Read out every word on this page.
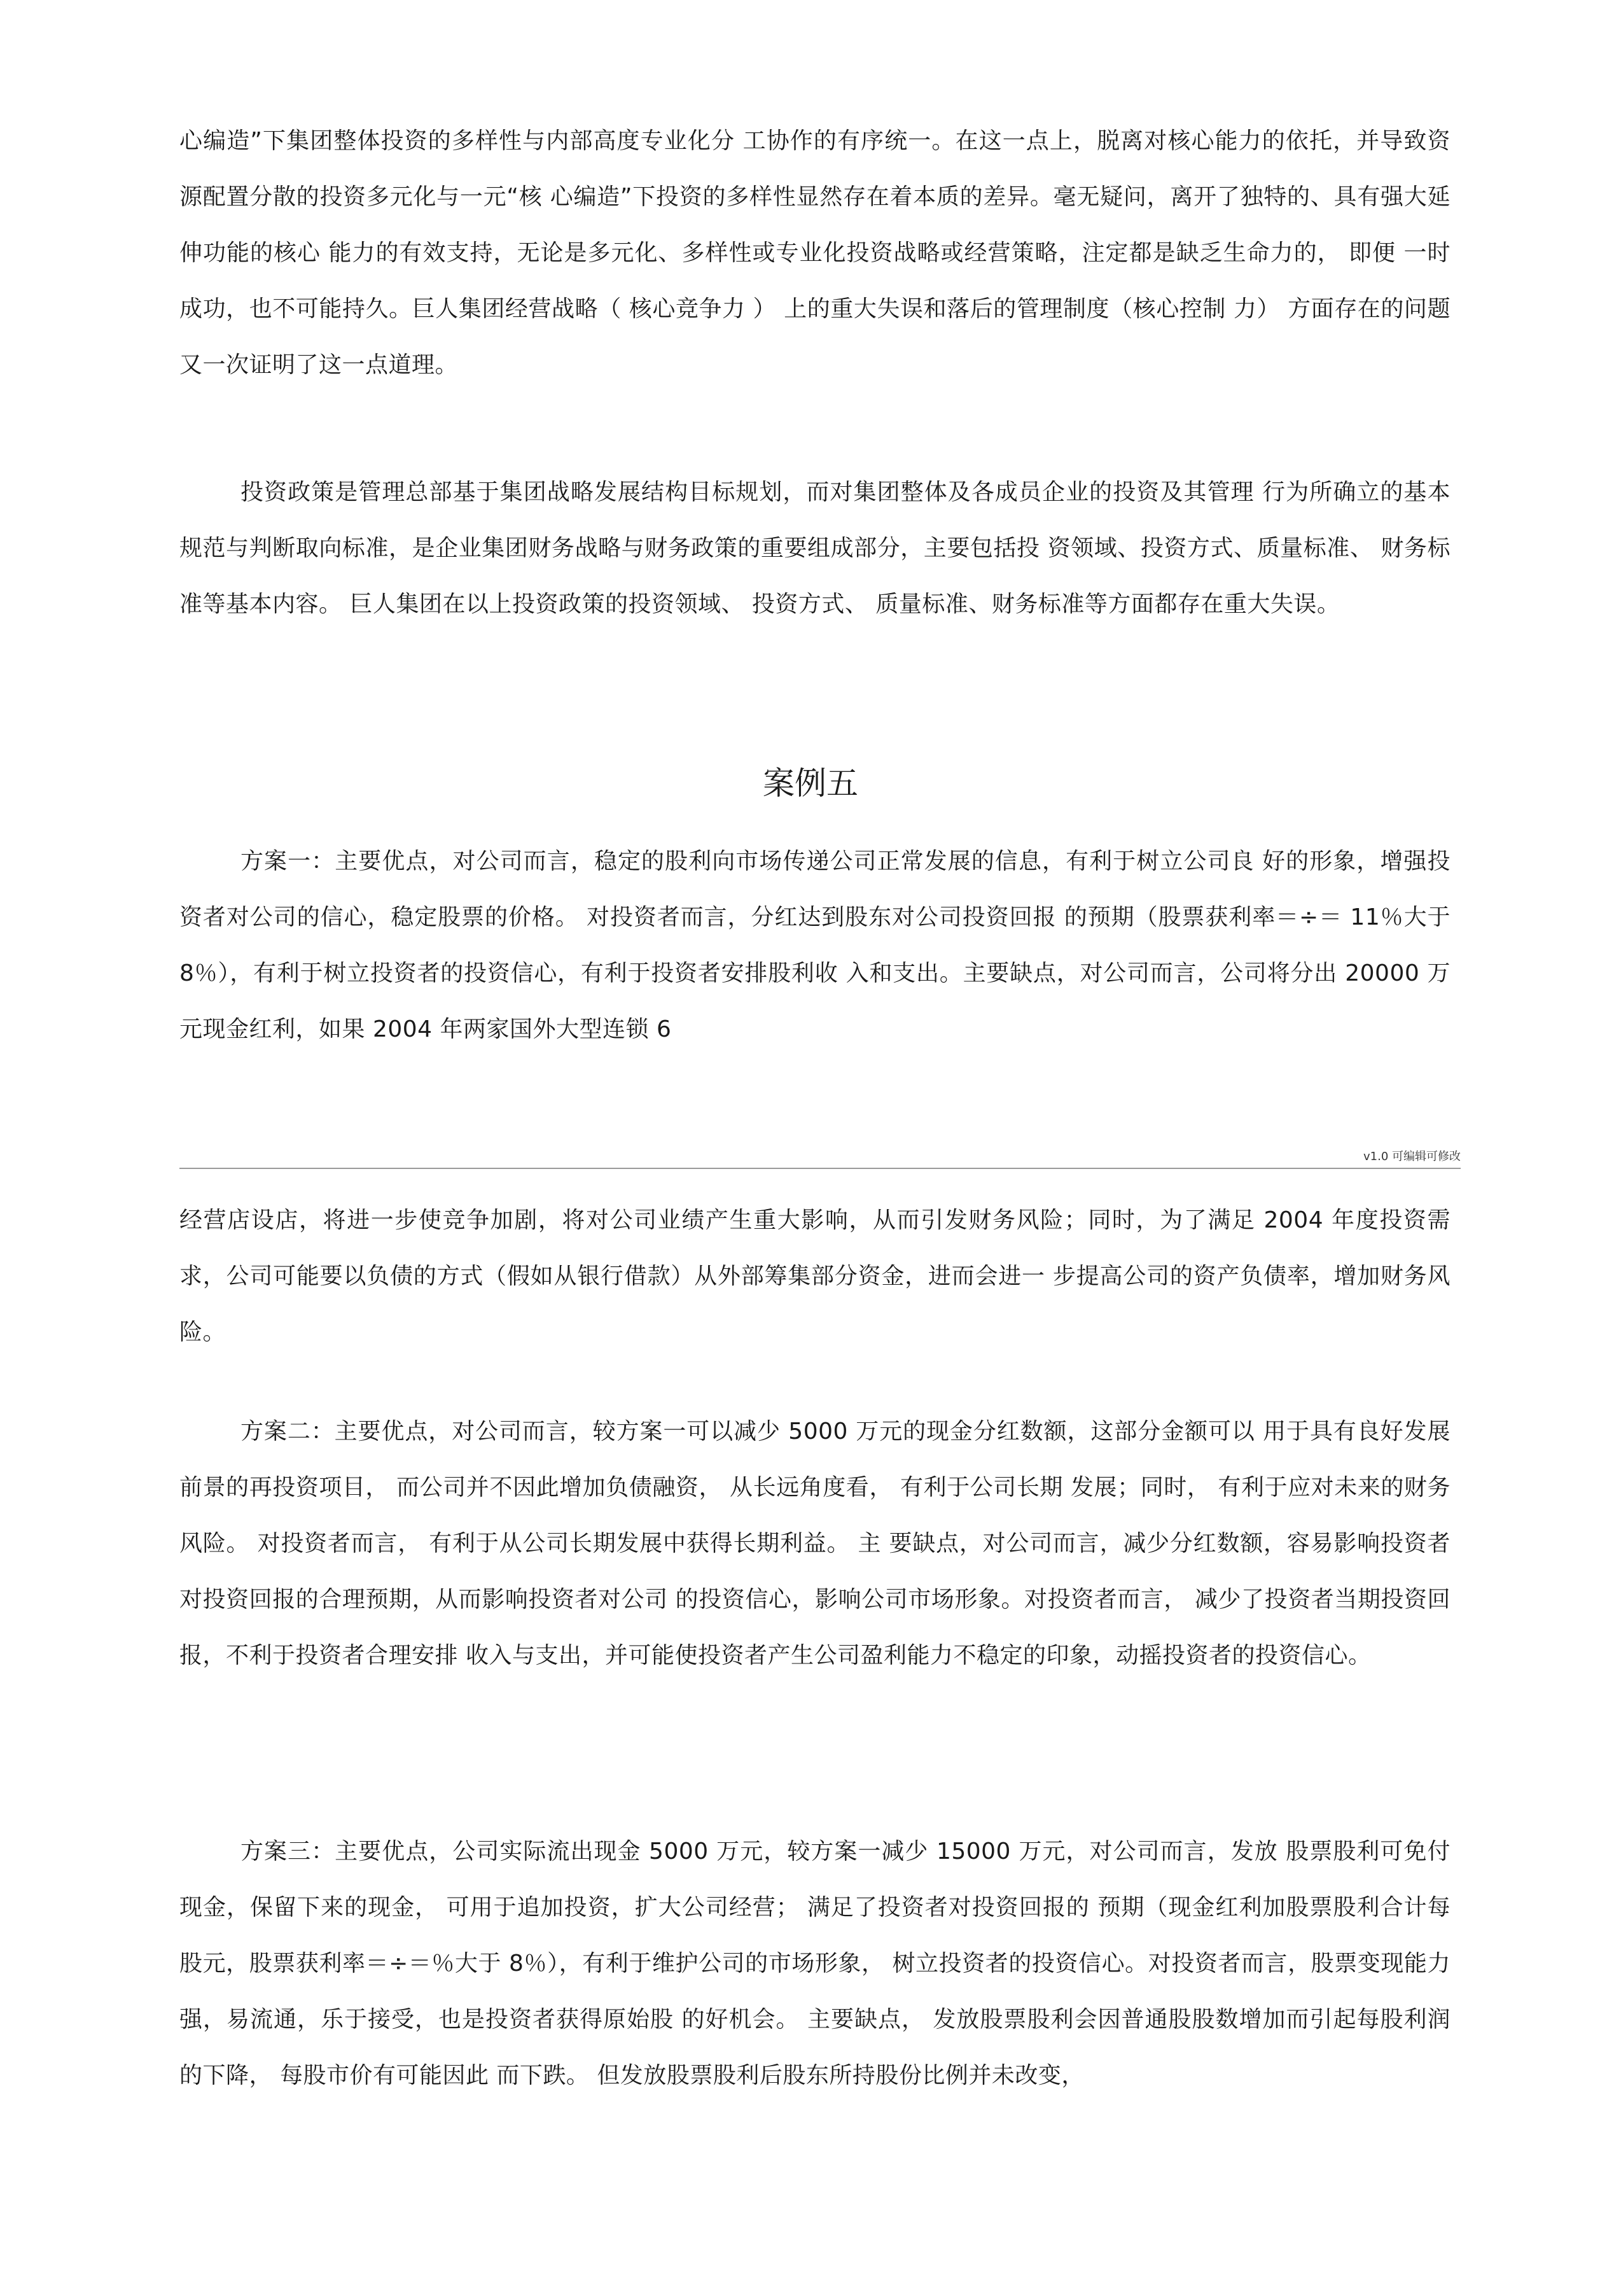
心编造”下集团整体投资的多样性与内部高度专业化分 工协作的有序统一。在这一点上，脱离对核心能力的依托，并导致资源配置分散的投资多元化与一元“核 心编造”下投资的多样性显然存在着本质的差异。毫无疑问，离开了独特的、具有强大延伸功能的核心 能力的有效支持，无论是多元化、多样性或专业化投资战略或经营策略，注定都是缺乏生命力的， 即便 一时成功，也不可能持久。巨人集团经营战略（ 核心竞争力 ） 上的重大失误和落后的管理制度（核心控制 力） 方面存在的问题又一次证明了这一点道理。

投资政策是管理总部基于集团战略发展结构目标规划，而对集团整体及各成员企业的投资及其管理 行为所确立的基本规范与判断取向标准，是企业集团财务战略与财务政策的重要组成部分，主要包括投 资领域、投资方式、质量标准、 财务标准等基本内容。 巨人集团在以上投资政策的投资领域、 投资方式、 质量标准、财务标准等方面都存在重大失误。

案例五

方案一：主要优点，对公司而言，稳定的股利向市场传递公司正常发展的信息，有利于树立公司良 好的形象，增强投资者对公司的信心，稳定股票的价格。 对投资者而言，分红达到股东对公司投资回报 的预期（股票获利率＝÷＝ 11％大于 8％），有利于树立投资者的投资信心，有利于投资者安排股利收 入和支出。主要缺点，对公司而言，公司将分出 20000 万元现金红利，如果 2004 年两家国外大型连锁 6

v1.0 可编辑可修改

经营店设店，将进一步使竞争加剧，将对公司业绩产生重大影响，从而引发财务风险；同时，为了满足 2004 年度投资需求，公司可能要以负债的方式（假如从银行借款）从外部筹集部分资金，进而会进一 步提高公司的资产负债率，增加财务风险。

方案二：主要优点，对公司而言，较方案一可以减少 5000 万元的现金分红数额，这部分金额可以 用于具有良好发展前景的再投资项目， 而公司并不因此增加负债融资， 从长远角度看， 有利于公司长期 发展；同时， 有利于应对未来的财务风险。 对投资者而言， 有利于从公司长期发展中获得长期利益。 主 要缺点，对公司而言，减少分红数额，容易影响投资者对投资回报的合理预期，从而影响投资者对公司 的投资信心，影响公司市场形象。对投资者而言， 减少了投资者当期投资回报，不利于投资者合理安排 收入与支出，并可能使投资者产生公司盈利能力不稳定的印象，动摇投资者的投资信心。

方案三：主要优点，公司实际流出现金 5000 万元，较方案一减少 15000 万元，对公司而言，发放 股票股利可免付现金，保留下来的现金， 可用于追加投资，扩大公司经营； 满足了投资者对投资回报的 预期（现金红利加股票股利合计每股元，股票获利率＝÷＝％大于 8％），有利于维护公司的市场形象， 树立投资者的投资信心。对投资者而言，股票变现能力强，易流通，乐于接受，也是投资者获得原始股 的好机会。 主要缺点， 发放股票股利会因普通股股数增加而引起每股利润的下降， 每股市价有可能因此 而下跌。 但发放股票股利后股东所持股份比例并未改变，
